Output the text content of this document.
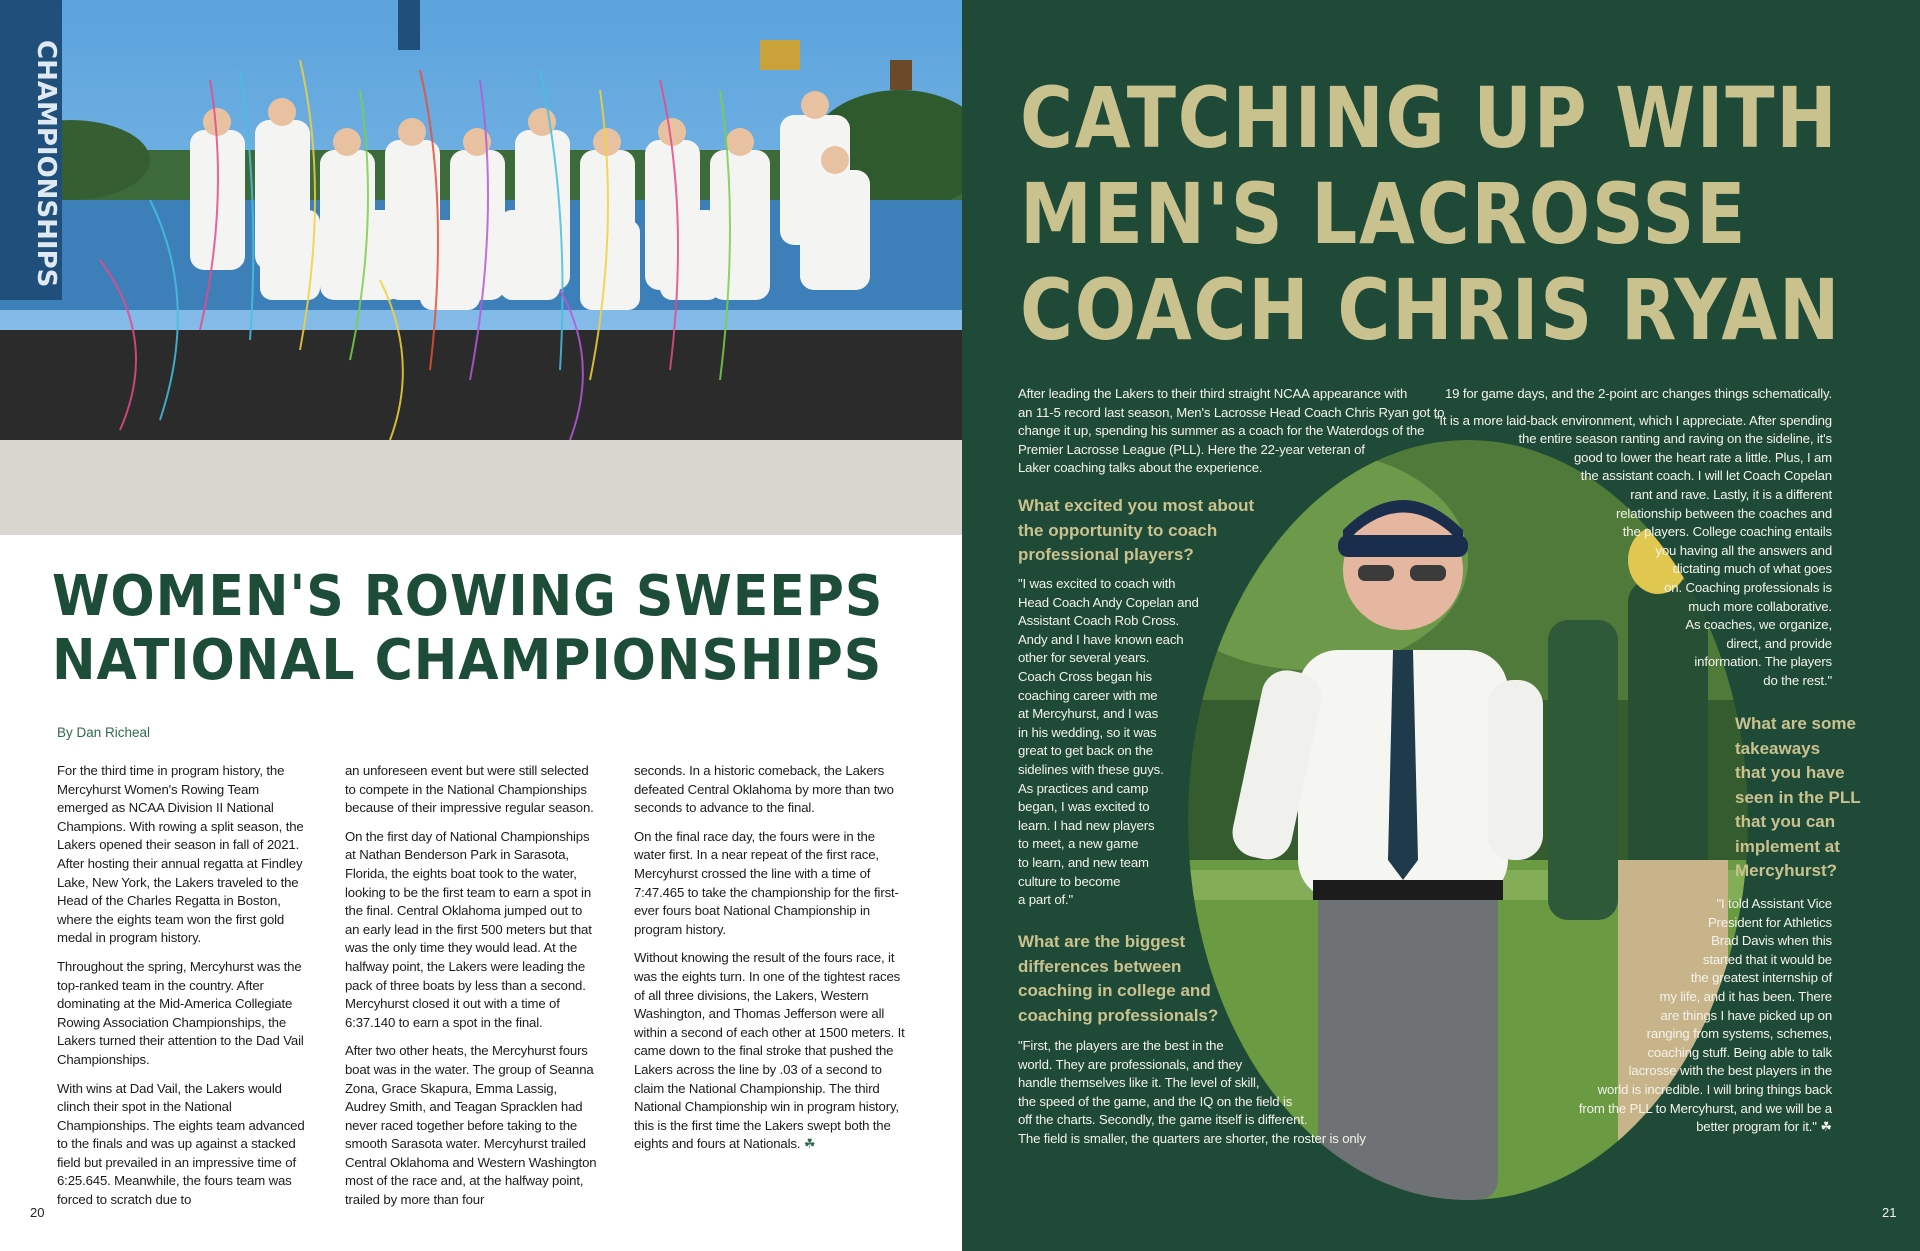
CHAMPIONSHIPS
WOMEN'S ROWING SWEEPS
NATIONAL CHAMPIONSHIPS
By Dan Richeal

For the third time in program history, the Mercyhurst Women's Rowing Team emerged as NCAA Division II National Champions. With rowing a split season, the Lakers opened their season in fall of 2021. After hosting their annual regatta at Findley Lake, New York, the Lakers traveled to the Head of the Charles Regatta in Boston, where the eights team won the first gold medal in program history.

Throughout the spring, Mercyhurst was the top-ranked team in the country. After dominating at the Mid-America Collegiate Rowing Association Championships, the Lakers turned their attention to the Dad Vail Championships.

With wins at Dad Vail, the Lakers would clinch their spot in the National Championships. The eights team advanced to the finals and was up against a stacked field but prevailed in an impressive time of 6:25.645. Meanwhile, the fours team was forced to scratch due to

an unforeseen event but were still selected to compete in the National Championships because of their impressive regular season.

On the first day of National Championships at Nathan Benderson Park in Sarasota, Florida, the eights boat took to the water, looking to be the first team to earn a spot in the final. Central Oklahoma jumped out to an early lead in the first 500 meters but that was the only time they would lead. At the halfway point, the Lakers were leading the pack of three boats by less than a second. Mercyhurst closed it out with a time of 6:37.140 to earn a spot in the final.

After two other heats, the Mercyhurst fours boat was in the water. The group of Seanna Zona, Grace Skapura, Emma Lassig, Audrey Smith, and Teagan Spracklen had never raced together before taking to the smooth Sarasota water. Mercyhurst trailed Central Oklahoma and Western Washington most of the race and, at the halfway point, trailed by more than four

seconds. In a historic comeback, the Lakers defeated Central Oklahoma by more than two seconds to advance to the final.

On the final race day, the fours were in the water first. In a near repeat of the first race, Mercyhurst crossed the line with a time of 7:47.465 to take the championship for the first-ever fours boat National Championship in program history.

Without knowing the result of the fours race, it was the eights turn. In one of the tightest races of all three divisions, the Lakers, Western Washington, and Thomas Jefferson were all within a second of each other at 1500 meters. It came down to the final stroke that pushed the Lakers across the line by .03 of a second to claim the National Championship. The third National Championship win in program history, this is the first time the Lakers swept both the eights and fours at Nationals. ☘

20
CATCHING UP WITH
MEN'S LACROSSE
COACH CHRIS RYAN
After leading the Lakers to their third straight NCAA appearance with
an 11-5 record last season, Men's Lacrosse Head Coach Chris Ryan got to
change it up, spending his summer as a coach for the Waterdogs of the
Premier Lacrosse League (PLL). Here the 22-year veteran of
Laker coaching talks about the experience.
What excited you most about
the opportunity to coach
professional players?
"I was excited to coach with
Head Coach Andy Copelan and
Assistant Coach Rob Cross.
Andy and I have known each
other for several years.
Coach Cross began his
coaching career with me
at Mercyhurst, and I was
in his wedding, so it was
great to get back on the
sidelines with these guys.
As practices and camp
began, I was excited to
learn. I had new players
to meet, a new game
to learn, and new team
culture to become
a part of."
What are the biggest
differences between
coaching in college and
coaching professionals?
"First, the players are the best in the
world. They are professionals, and they
handle themselves like it. The level of skill,
the speed of the game, and the IQ on the field is
off the charts. Secondly, the game itself is different.
The field is smaller, the quarters are shorter, the roster is only
19 for game days, and the 2-point arc changes things schematically.
"It is a more laid-back environment, which I appreciate. After spending
the entire season ranting and raving on the sideline, it's
good to lower the heart rate a little. Plus, I am
the assistant coach. I will let Coach Copelan
rant and rave. Lastly, it is a different
relationship between the coaches and
the players. College coaching entails
you having all the answers and
dictating much of what goes
on. Coaching professionals is
much more collaborative.
As coaches, we organize,
direct, and provide
information. The players
do the rest."
What are some
takeaways
that you have
seen in the PLL
that you can
implement at
Mercyhurst?
"I told Assistant Vice
President for Athletics
Brad Davis when this
started that it would be
the greatest internship of
my life, and it has been. There
are things I have picked up on
ranging from systems, schemes,
coaching stuff. Being able to talk
lacrosse with the best players in the
world is incredible. I will bring things back
from the PLL to Mercyhurst, and we will be a
better program for it." ☘
21
